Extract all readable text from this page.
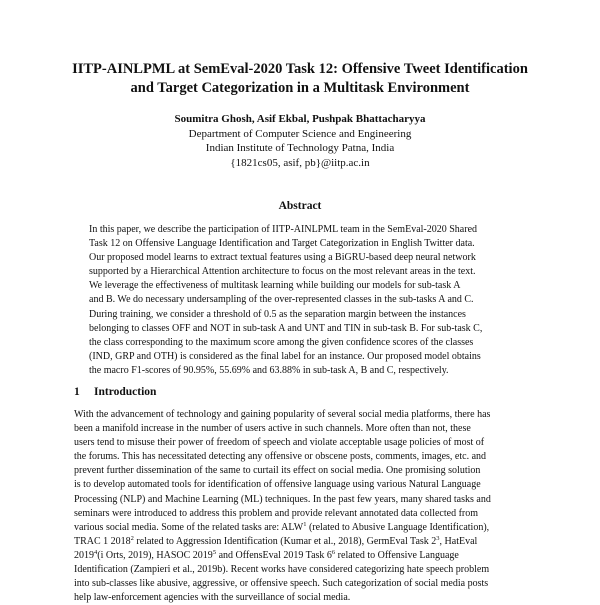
IITP-AINLPML at SemEval-2020 Task 12: Offensive Tweet Identification
and Target Categorization in a Multitask Environment
Soumitra Ghosh, Asif Ekbal, Pushpak Bhattacharyya
Department of Computer Science and Engineering
Indian Institute of Technology Patna, India
{1821cs05, asif, pb}@iitp.ac.in
Abstract
In this paper, we describe the participation of IITP-AINLPML team in the SemEval-2020 Shared
Task 12 on Offensive Language Identification and Target Categorization in English Twitter data.
Our proposed model learns to extract textual features using a BiGRU-based deep neural network
supported by a Hierarchical Attention architecture to focus on the most relevant areas in the text.
We leverage the effectiveness of multitask learning while building our models for sub-task A
and B. We do necessary undersampling of the over-represented classes in the sub-tasks A and C.
During training, we consider a threshold of 0.5 as the separation margin between the instances
belonging to classes OFF and NOT in sub-task A and UNT and TIN in sub-task B. For sub-task C,
the class corresponding to the maximum score among the given confidence scores of the classes
(IND, GRP and OTH) is considered as the final label for an instance. Our proposed model obtains
the macro F1-scores of 90.95%, 55.69% and 63.88% in sub-task A, B and C, respectively.
1 Introduction
With the advancement of technology and gaining popularity of several social media platforms, there has
been a manifold increase in the number of users active in such channels. More often than not, these
users tend to misuse their power of freedom of speech and violate acceptable usage policies of most of
the forums. This has necessitated detecting any offensive or obscene posts, comments, images, etc. and
prevent further dissemination of the same to curtail its effect on social media. One promising solution
is to develop automated tools for identification of offensive language using various Natural Language
Processing (NLP) and Machine Learning (ML) techniques. In the past few years, many shared tasks and
seminars were introduced to address this problem and provide relevant annotated data collected from
various social media. Some of the related tasks are: ALW$^1$ (related to Abusive Language Identification),
TRAC 1 2018$^2$ related to Aggression Identification (Kumar et al., 2018), GermEval Task $2^3$, HatEval
2019$^4$(i Orts, 2019), HASOC 2019$^5$ and OffensEval 2019 Task $6^6$ related to Offensive Language
Identification (Zampieri et al., 2019b). Recent works have considered categorizing hate speech problem
into sub-classes like abusive, aggressive, or offensive speech. Such categorization of social media posts
help law-enforcement agencies with the surveillance of social media.
